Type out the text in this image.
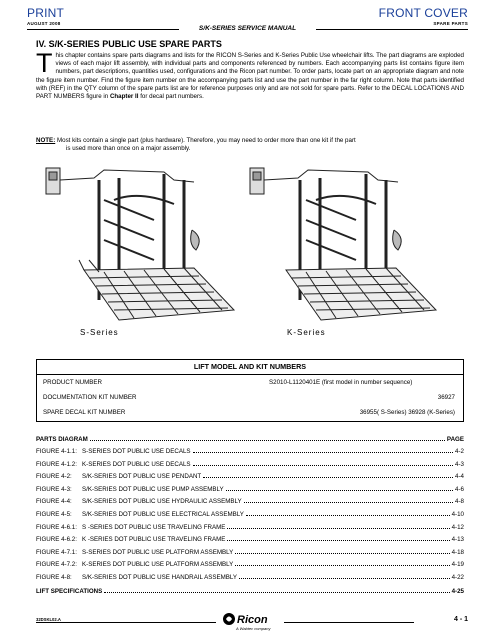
PRINT
AUGUST 2008
FRONT COVER
SPARE PARTS
S/K-SERIES SERVICE MANUAL
IV. S/K-SERIES PUBLIC USE SPARE PARTS
This chapter contains spare parts diagrams and lists for the RICON S-Series and K-Series Public Use wheelchair lifts. The part diagrams are exploded views of each major lift assembly, with individual parts and components referenced by numbers. Each accompanying parts list contains figure item numbers, part descriptions, quantities used, configurations and the Ricon part number. To order parts, locate part on an appropriate diagram and note the figure item number. Find the figure item number on the accompanying parts list and use the part number in the far right column. Note that parts identified with (REF) in the QTY column of the spare parts list are for reference purposes only and are not sold for spare parts. Refer to the DECAL LOCATIONS AND PART NUMBERS figure in Chapter II for decal part numbers.
NOTE: Most kits contain a single part (plus hardware). Therefore, you may need to order more than one kit if the part
is used more than once on a major assembly.
S-Series	K-Series
LIFT MODEL AND KIT NUMBERS
PRODUCT NUMBER	S2010-L1120401E (first model in number sequence)
DOCUMENTATION KIT NUMBER	36927
SPARE DECAL KIT NUMBER	36955( S-Series) 36928 (K-Series)
PARTS DIAGRAM	PAGE
FIGURE 4-1.1: S-SERIES DOT PUBLIC USE DECALS	4-2
FIGURE 4-1.2: K-SERIES DOT PUBLIC USE DECALS	4-3
FIGURE 4-2:	S/K-SERIES DOT PUBLIC USE PENDANT	4-4
FIGURE 4-3:	S/K-SERIES DOT PUBLIC USE PUMP ASSEMBLY	4-6
FIGURE 4-4:	S/K-SERIES DOT PUBLIC USE HYDRAULIC ASSEMBLY	4-8
FIGURE 4-5:	S/K-SERIES DOT PUBLIC USE ELECTRICAL ASSEMBLY	4-10
FIGURE 4-6.1: S -SERIES DOT PUBLIC USE TRAVELING FRAME	4-12
FIGURE 4-6.2: K -SERIES DOT PUBLIC USE TRAVELING FRAME	4-13
FIGURE 4-7.1: S-SERIES DOT PUBLIC USE PLATFORM ASSEMBLY	4-18
FIGURE 4-7.2: K-SERIES DOT PUBLIC USE PLATFORM ASSEMBLY	4-19
FIGURE 4-8:	S/K-SERIES DOT PUBLIC USE HANDRAIL ASSEMBLY	4-22
LIFT SPECIFICATIONS	4-25
32DSKL02.A	Ricon
A Wabtec company
4 - 1
